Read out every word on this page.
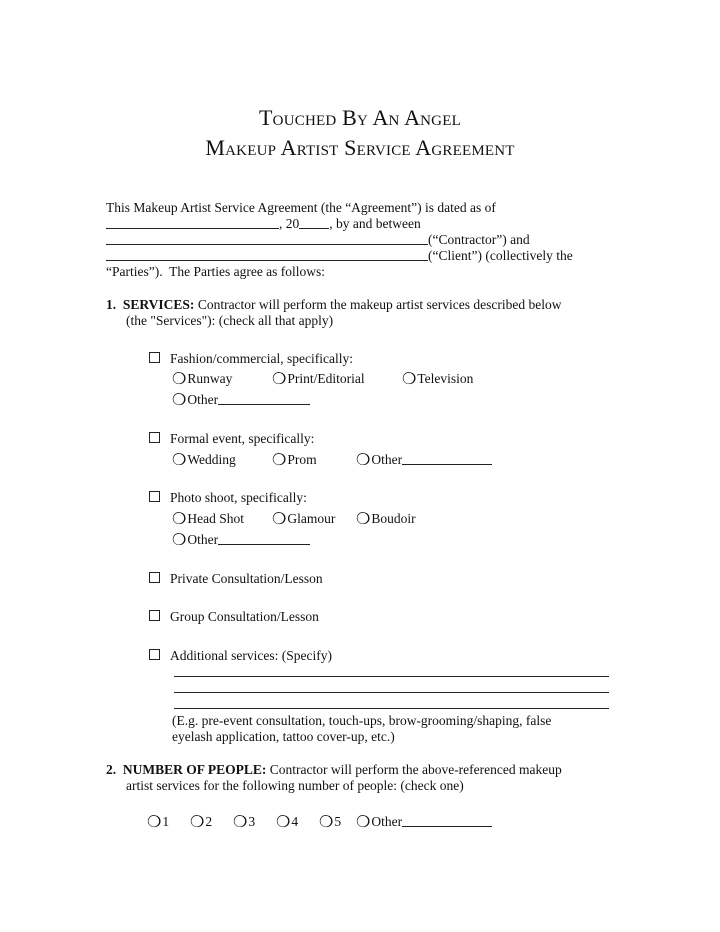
Touched By An Angel
Makeup Artist Service Agreement
This Makeup Artist Service Agreement (the “Agreement”) is dated as of
, 20 , by and between
(“Contractor”) and
(“Client”) (collectively the
“Parties”).  The Parties agree as follows:
1. SERVICES: Contractor will perform the makeup artist services described below
(the "Services"): (check all that apply)
Fashion/commercial, specifically:
❍Runway ❍Print/Editorial ❍Television
❍Other
Formal event, specifically:
❍Wedding ❍Prom ❍Other
Photo shoot, specifically:
❍Head Shot ❍Glamour ❍Boudoir
❍Other
Private Consultation/Lesson
Group Consultation/Lesson
Additional services: (Specify)
(E.g. pre-event consultation, touch-ups, brow-grooming/shaping, false
eyelash application, tattoo cover-up, etc.)
2. NUMBER OF PEOPLE: Contractor will perform the above-referenced makeup
artist services for the following number of people: (check one)
❍1 ❍2 ❍3 ❍4 ❍5 ❍Other
